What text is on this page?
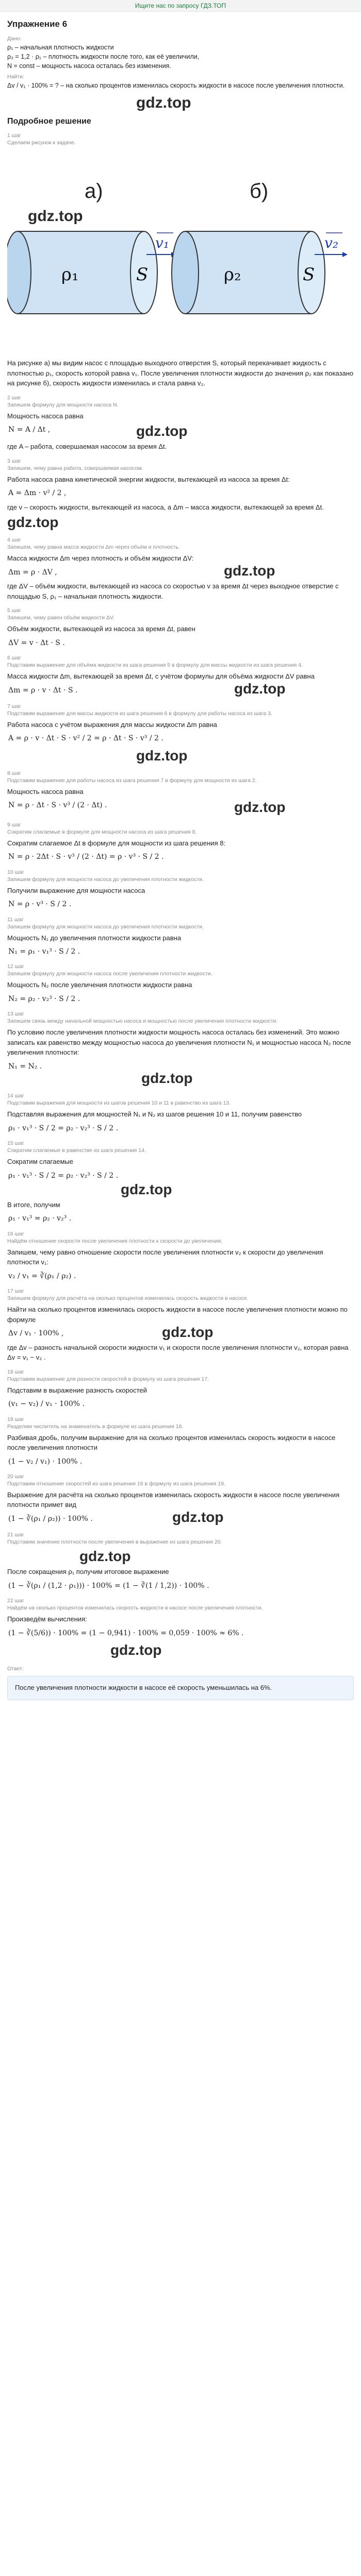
Ищите нас по запросу ГДЗ.ТОП
Упражнение 6
Дано:

ρ₁ – начальная плотность жидкости

ρ₂ = 1,2 · ρ₁ – плотность жидкости после того, как её увеличили,

N = const – мощность насоса осталась без изменения.

Найти:

Δv / v₁ · 100% = ? – на сколько процентов изменилась скорость жидкости в насосе после увеличения плотности.

gdz.top
Подробное решение
1 шаг
Сделаем рисунок к задаче.
а)	б)
gdz.top
ρ₁	S
v₁
ρ₂	S
v₂

На рисунке а) мы видим насос с площадью выходного отверстия S, который перекачивает жидкость с плотностью ρ₁, скорость которой равна v₁. После увеличения плотности жидкости до значения ρ₂ как показано на рисунке б), скорость жидкости изменилась и стала равна v₂.

2 шаг
Запишем формулу для мощности насоса N.

Мощность насоса равна

N = A / Δt ,	gdz.top

где A – работа, совершаемая насосом за время Δt.

3 шаг
Запишем, чему равна работа, совершаемая насосом.

Работа насоса равна кинетической энергии жидкости, вытекающей из насоса за время Δt:

A = Δm · v² / 2 ,

где v – скорость жидкости, вытекающей из насоса, а Δm – масса жидкости, вытекающей за время Δt.

gdz.top
4 шаг
Запишем, чему равна масса жидкости Δm через объём и плотность.

Масса жидкости Δm через плотность и объём жидкости ΔV:

Δm = ρ · ΔV ,	gdz.top

где ΔV – объём жидкости, вытекающей из насоса со скоростью v за время Δt через выходное отверстие с площадью S, ρ₁ – начальная плотность жидкости.

5 шаг
Запишем, чему равен объём жидкости ΔV.

Объём жидкости, вытекающей из насоса за время Δt, равен

ΔV = v · Δt · S .
6 шаг
Подставим выражение для объёма жидкости из шага решения 5 в формулу для массы жидкости из шага решения 4.

Масса жидкости Δm, вытекающей за время Δt, с учётом формулы для объёма жидкости ΔV равна

Δm = ρ · v · Δt · S .	gdz.top
7 шаг
Подставим выражение для массы жидкости из шага решения 6 в формулу для работы насоса из шага 3.

Работа насоса с учётом выражения для массы жидкости Δm равна

A = ρ · v · Δt · S · v² / 2 = ρ · Δt · S · v³ / 2 .
gdz.top
8 шаг
Подставим выражение для работы насоса из шага решения 7 в формулу для мощности из шага 2.

Мощность насоса равна

N = ρ · Δt · S · v³ / (2 · Δt) .	gdz.top
9 шаг
Сократим слагаемые в формуле для мощности насоса из шага решения 8.

Сократим слагаемое Δt в формуле для мощности из шага решения 8:

N = ρ · 2Δt · S · v³ / (2 · Δt) = ρ · v³ · S / 2 .
10 шаг
Запишем формулу для мощности насоса до увеличения плотности жидкости.

Получили выражение для мощности насоса

N = ρ · v³ · S / 2 .
11 шаг
Запишем формулу для мощности насоса до увеличения плотности жидкости.

Мощность N₁ до увеличения плотности жидкости равна

N₁ = ρ₁ · v₁³ · S / 2 .
12 шаг
Запишем формулу для мощности насоса после увеличения плотности жидкости.

Мощность N₂ после увеличения плотности жидкости равна

N₂ = ρ₂ · v₂³ · S / 2 .
13 шаг
Запишем связь между начальной мощностью насоса и мощностью после увеличения плотности жидкости.

По условию после увеличения плотности жидкости мощность насоса осталась без изменений. Это можно записать как равенство между мощностью насоса до увеличения плотности N₁ и мощностью насоса N₂ после увеличения плотности:

N₁ = N₂ .
gdz.top
14 шаг
Подставим выражения для мощности из шагов решения 10 и 11 в равенство из шага 13.

Подставляя выражения для мощностей N₁ и N₂ из шагов решения 10 и 11, получим равенство

ρ₁ · v₁³ · S / 2 = ρ₂ · v₂³ · S / 2 .
15 шаг
Сократим слагаемые в равенстве из шага решения 14.

Сократим слагаемые

ρ₁ · v₁³ · S / 2 = ρ₂ · v₂³ · S / 2 .
gdz.top

В итоге, получим

ρ₁ · v₁³ = ρ₂ · v₂³ .
16 шаг
Найдём отношение скорости после увеличения плотности к скорости до увеличения.

Запишем, чему равно отношение скорости после увеличения плотности v₂ к скорости до увеличения плотности v₁:

v₂ / v₁ = ∛(ρ₁ / ρ₂) .
17 шаг
Запишем формулу для расчёта на сколько процентов изменилась скорость жидкости в насосе.

Найти на сколько процентов изменилась скорость жидкости в насосе после увеличения плотности можно по формуле

Δv / v₁ · 100% ,	gdz.top

где Δv – разность начальной скорости жидкости v₁ и скорости после увеличения плотности v₂, которая равна Δv = v₁ − v₂ .

18 шаг
Подставим выражение для разности скоростей в формулу из шага решения 17.

Подставим в выражение разность скоростей

(v₁ − v₂) / v₁ · 100% .
19 шаг
Разделим числитель на знаменатель в формуле из шага решения 18.

Разбивая дробь, получим выражение для на сколько процентов изменилась скорость жидкости в насосе после увеличения плотности

(1 − v₂ / v₁) · 100% .
20 шаг
Подставим отношение скоростей из шага решения 16 в формулу из шага решения 19.

Выражение для расчёта на сколько процентов изменилась скорость жидкости в насосе после увеличения плотности примет вид

(1 − ∛(ρ₁ / ρ₂)) · 100% .	gdz.top
21 шаг
Подставим значение плотности после увеличения в выражение из шага решения 20.
gdz.top

После сокращения ρ₁ получим итоговое выражение

(1 − ∛(ρ₁ / (1,2 · ρ₁))) · 100% = (1 − ∛(1 / 1,2)) · 100% .
22 шаг
Найдём на сколько процентов изменилась скорость жидкости в насосе после увеличения плотности.

Произведём вычисления:

(1 − ∛(5/6)) · 100% = (1 − 0,941) · 100% = 0,059 · 100% ≈ 6% .
gdz.top
Ответ:
После увеличения плотности жидкости в насосе её скорость уменьшилась на 6%.
